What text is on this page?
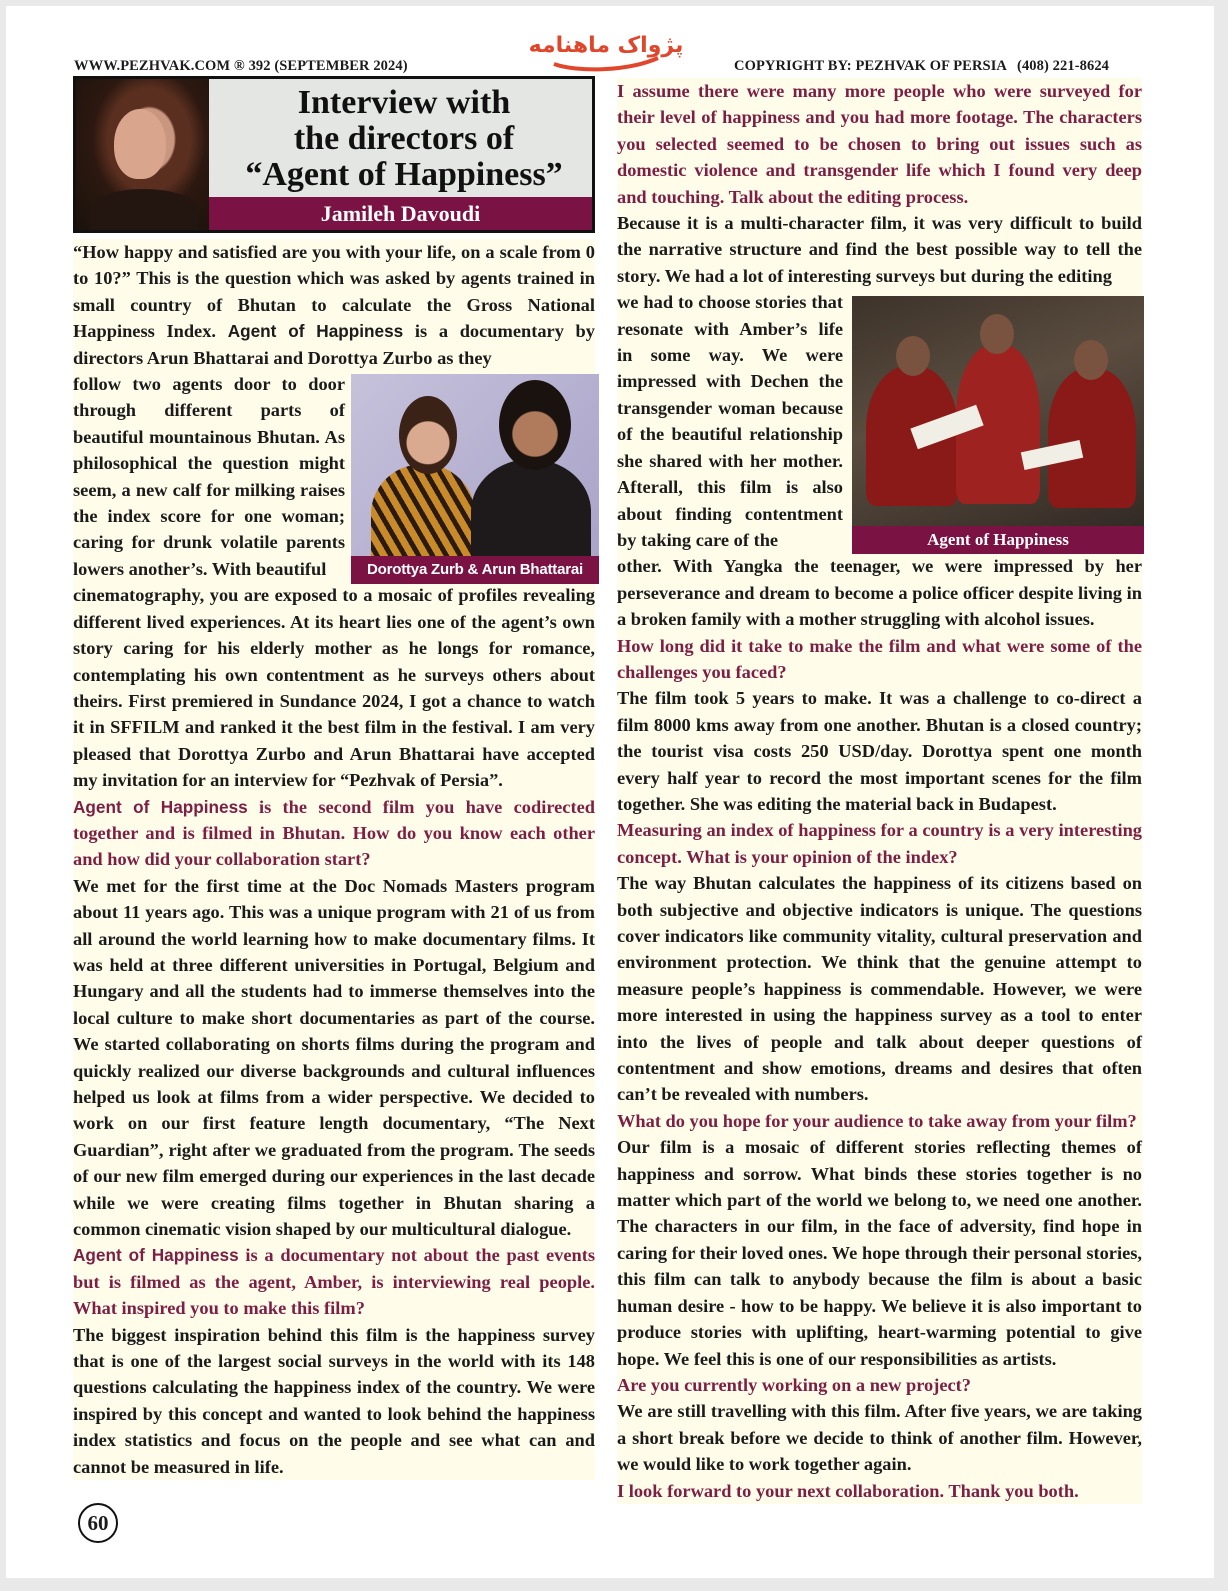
WWW.PEZHVAK.COM ® 392 (SEPTEMBER 2024)
پژواک ماهنامه
COPYRIGHT BY: PEZHVAK OF PERSIA (408) 221-8624
Interview with
the directors of
“Agent of Happiness”
Jamileh Davoudi

“How happy and satisfied are you with your life, on a scale from 0 to 10?” This is the question which was asked by agents trained in small country of Bhutan to calculate the Gross National Happiness Index. Agent of Happiness is a documentary by directors Arun Bhattarai and Dorottya Zurbo as they
follow two agents door to door through different parts of beautiful mountainous Bhutan. As philosophical the question might seem, a new calf for milking raises the index score for one woman; caring for drunk volatile parents lowers another’s. With beautiful
cinematography, you are exposed to a mosaic of profiles revealing different lived experiences. At its heart lies one of the agent’s own story caring for his elderly mother as he longs for romance, contemplating his own contentment as he surveys others about theirs. First premiered in Sundance 2024, I got a chance to watch it in SFFILM and ranked it the best film in the festival. I am very pleased that Dorottya Zurbo and Arun Bhattarai have accepted my invitation for an interview for “Pezhvak of Persia”.

Agent of Happiness is the second film you have codirected together and is filmed in Bhutan. How do you know each other and how did your collaboration start?

We met for the first time at the Doc Nomads Masters program about 11 years ago. This was a unique program with 21 of us from all around the world learning how to make documentary films. It was held at three different universities in Portugal, Belgium and Hungary and all the students had to immerse themselves into the local culture to make short documentaries as part of the course. We started collaborating on shorts films during the program and quickly realized our diverse backgrounds and cultural influences helped us look at films from a wider perspective. We decided to work on our first feature length documentary, “The Next Guardian”, right after we graduated from the program. The seeds of our new film emerged during our experiences in the last decade while we were creating films together in Bhutan sharing a common cinematic vision shaped by our multicultural dialogue.

Agent of Happiness is a documentary not about the past events but is filmed as the agent, Amber, is interviewing real people. What inspired you to make this film?

The biggest inspiration behind this film is the happiness survey that is one of the largest social surveys in the world with its 148 questions calculating the happiness index of the country. We were inspired by this concept and wanted to look behind the happiness index statistics and focus on the people and see what can and cannot be measured in life.

Dorottya Zurb & Arun Bhattarai

I assume there were many more people who were surveyed for their level of happiness and you had more footage. The characters you selected seemed to be chosen to bring out issues such as domestic violence and transgender life which I found very deep and touching. Talk about the editing process.

Because it is a multi-character film, it was very difficult to build the narrative structure and find the best possible way to tell the story. We had a lot of interesting surveys but during the editing
we had to choose stories that resonate with Amber’s life in some way. We were impressed with Dechen the transgender woman because of the beautiful relationship she shared with her mother. Afterall, this film is also about finding contentment by taking care of the
other. With Yangka the teenager, we were impressed by her perseverance and dream to become a police officer despite living in a broken family with a mother struggling with alcohol issues.

How long did it take to make the film and what were some of the challenges you faced?

The film took 5 years to make. It was a challenge to co-direct a film 8000 kms away from one another. Bhutan is a closed country; the tourist visa costs 250 USD/day. Dorottya spent one month every half year to record the most important scenes for the film together. She was editing the material back in Budapest.

Measuring an index of happiness for a country is a very interesting concept. What is your opinion of the index?

The way Bhutan calculates the happiness of its citizens based on both subjective and objective indicators is unique. The questions cover indicators like community vitality, cultural preservation and environment protection. We think that the genuine attempt to measure people’s happiness is commendable. However, we were more interested in using the happiness survey as a tool to enter into the lives of people and talk about deeper questions of contentment and show emotions, dreams and desires that often can’t be revealed with numbers.

What do you hope for your audience to take away from your film?

Our film is a mosaic of different stories reflecting themes of happiness and sorrow. What binds these stories together is no matter which part of the world we belong to, we need one another. The characters in our film, in the face of adversity, find hope in caring for their loved ones. We hope through their personal stories, this film can talk to anybody because the film is about a basic human desire - how to be happy. We believe it is also important to produce stories with uplifting, heart-warming potential to give hope. We feel this is one of our responsibilities as artists.

Are you currently working on a new project?

We are still travelling with this film. After five years, we are taking a short break before we decide to think of another film. However, we would like to work together again.

I look forward to your next collaboration. Thank you both.

Agent of Happiness
60
